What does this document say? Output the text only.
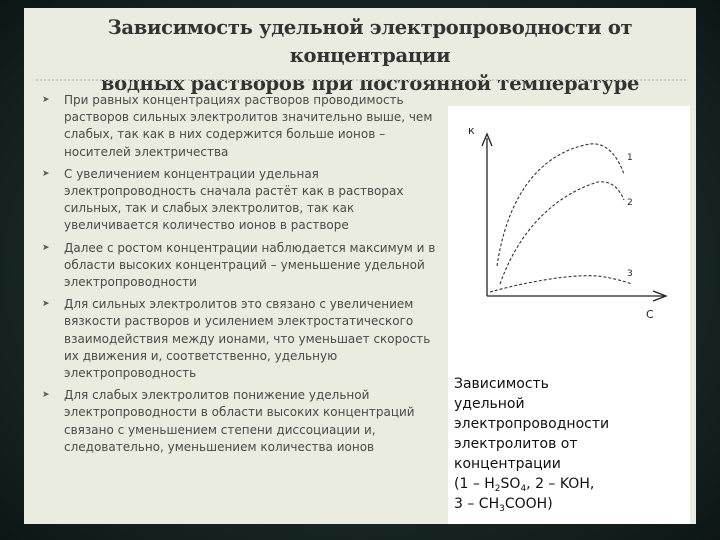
Зависимость удельной электропроводности от концентрации
водных растворов при постоянной температуре
➤ При равных концентрациях растворов проводимость растворов сильных электролитов значительно выше, чем слабых, так как в них содержится больше ионов – носителей электричества
➤ С увеличением концентрации удельная электропроводность сначала растёт как в растворах сильных, так и слабых электролитов, так как увеличивается количество ионов в растворе
➤ Далее с ростом концентрации наблюдается максимум и в области высоких концентраций – уменьшение удельной электропроводности
➤ Для сильных электролитов это связано с увеличением вязкости растворов и усилением электростатического взаимодействия между ионами, что уменьшает скорость их движения и, соответственно, удельную электропроводность
➤ Для слабых электролитов понижение удельной электропроводности в области высоких концентраций связано с уменьшением степени диссоциации и, следовательно, уменьшением количества ионов
к
С
1
2
3
Зависимость
удельной
электропроводности
электролитов от
концентрации
($1 - H_2SO_4$, 2 – KOH,
$3 - CH_3COOH$)
